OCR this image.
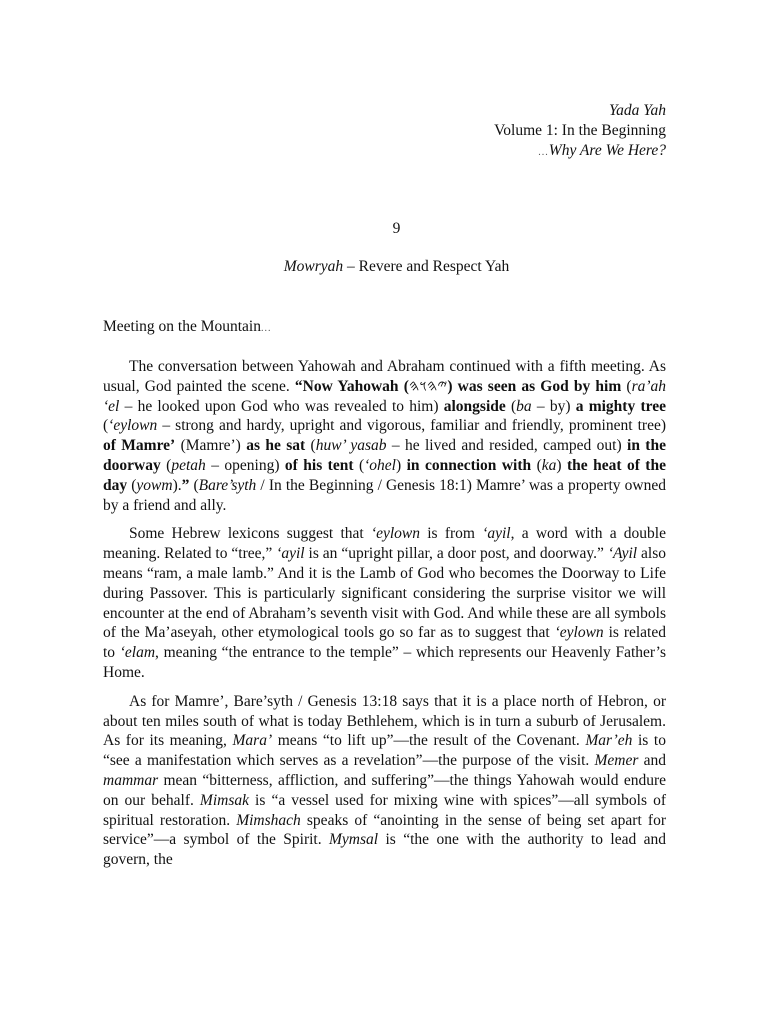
Yada Yah
Volume 1: In the Beginning
...Why Are We Here?
9
Mowryah – Revere and Respect Yah
Meeting on the Mountain...

The conversation between Yahowah and Abraham continued with a fifth meeting. As usual, God painted the scene. “Now Yahowah (𐤉𐤄𐤅𐤄) was seen as God by him (ra’ah ‘el – he looked upon God who was revealed to him) alongside (ba – by) a mighty tree (‘eylown – strong and hardy, upright and vigorous, familiar and friendly, prominent tree) of Mamre’ (Mamre’) as he sat (huw’ yasab – he lived and resided, camped out) in the doorway (petah – opening) of his tent (‘ohel) in connection with (ka) the heat of the day (yowm).” (Bare’syth / In the Beginning / Genesis 18:1) Mamre’ was a property owned by a friend and ally.

Some Hebrew lexicons suggest that ‘eylown is from ‘ayil, a word with a double meaning. Related to “tree,” ‘ayil is an “upright pillar, a door post, and doorway.” ‘Ayil also means “ram, a male lamb.” And it is the Lamb of God who becomes the Doorway to Life during Passover. This is particularly significant considering the surprise visitor we will encounter at the end of Abraham’s seventh visit with God. And while these are all symbols of the Ma’aseyah, other etymological tools go so far as to suggest that ‘eylown is related to ‘elam, meaning “the entrance to the temple” – which represents our Heavenly Father’s Home.

As for Mamre’, Bare’syth / Genesis 13:18 says that it is a place north of Hebron, or about ten miles south of what is today Bethlehem, which is in turn a suburb of Jerusalem. As for its meaning, Mara’ means “to lift up”—the result of the Covenant. Mar’eh is to “see a manifestation which serves as a revelation”—the purpose of the visit. Memer and mammar mean “bitterness, affliction, and suffering”—the things Yahowah would endure on our behalf. Mimsak is “a vessel used for mixing wine with spices”—all symbols of spiritual restoration. Mimshach speaks of “anointing in the sense of being set apart for service”—a symbol of the Spirit. Mymsal is “the one with the authority to lead and govern, the
